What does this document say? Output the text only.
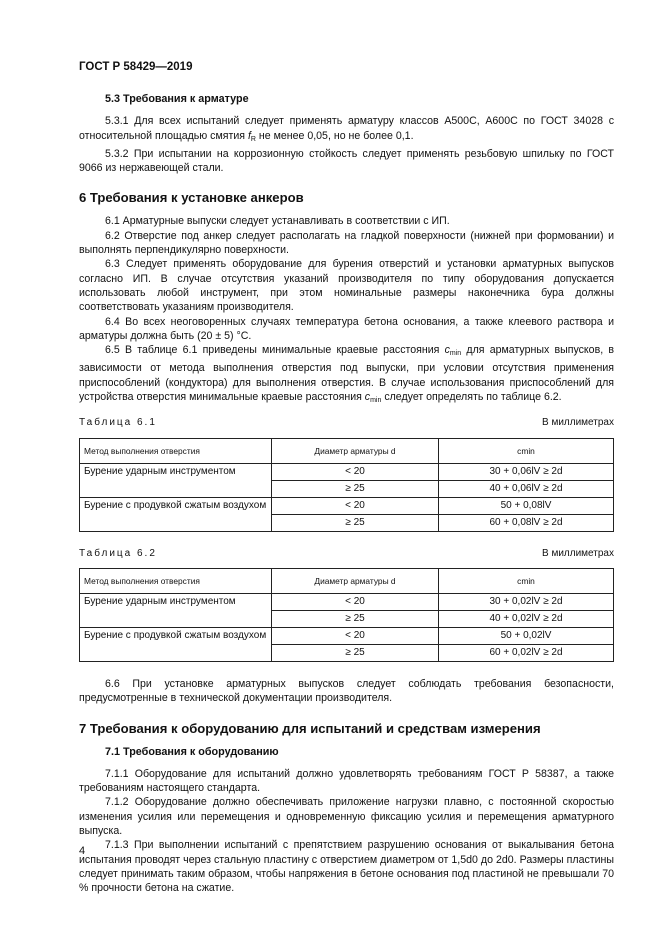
ГОСТ Р 58429—2019

5.3 Требования к арматуре

5.3.1 Для всех испытаний следует применять арматуру классов А500С, А600С по ГОСТ 34028 с относительной площадью смятия $f_R$ не менее 0,05, но не более 0,1.

5.3.2 При испытании на коррозионную стойкость следует применять резьбовую шпильку по ГОСТ 9066 из нержавеющей стали.

6 Требования к установке анкеров

6.1 Арматурные выпуски следует устанавливать в соответствии с ИП.

6.2 Отверстие под анкер следует располагать на гладкой поверхности (нижней при формовании) и выполнять перпендикулярно поверхности.

6.3 Следует применять оборудование для бурения отверстий и установки арматурных выпусков согласно ИП. В случае отсутствия указаний производителя по типу оборудования допускается использовать любой инструмент, при этом номинальные размеры наконечника бура должны соответствовать указаниям производителя.

6.4 Во всех неоговоренных случаях температура бетона основания, а также клеевого раствора и арматуры должна быть (20 ± 5) °С.

6.5 В таблице 6.1 приведены минимальные краевые расстояния $c_{min}$ для арматурных выпусков, в зависимости от метода выполнения отверстия под выпуски, при условии отсутствия применения приспособлений (кондуктора) для выполнения отверстия. В случае использования приспособлений для устройства отверстия минимальные краевые расстояния $c_{min}$ следует определять по таблице 6.2.

Таблица 6.1	В миллиметрах
Метод выполнения отверстия	Диаметр арматуры d	cmin
Бурение ударным инструментом	< 20	30 + 0,06lV ≥ 2d
	≥ 25	40 + 0,06lV ≥ 2d
Бурение с продувкой сжатым воздухом	< 20	50 + 0,08lV
	≥ 25	60 + 0,08lV ≥ 2d
Таблица 6.2	В миллиметрах
Метод выполнения отверстия	Диаметр арматуры d	cmin
Бурение ударным инструментом	< 20	30 + 0,02lV ≥ 2d
	≥ 25	40 + 0,02lV ≥ 2d
Бурение с продувкой сжатым воздухом	< 20	50 + 0,02lV
	≥ 25	60 + 0,02lV ≥ 2d

6.6 При установке арматурных выпусков следует соблюдать требования безопасности, предусмотренные в технической документации производителя.

7 Требования к оборудованию для испытаний и средствам измерения

7.1 Требования к оборудованию

7.1.1 Оборудование для испытаний должно удовлетворять требованиям ГОСТ Р 58387, а также требованиям настоящего стандарта.

7.1.2 Оборудование должно обеспечивать приложение нагрузки плавно, с постоянной скоростью изменения усилия или перемещения и одновременную фиксацию усилия и перемещения арматурного выпуска.

7.1.3 При выполнении испытаний с препятствием разрушению основания от выкалывания бетона испытания проводят через стальную пластину с отверстием диаметром от 1,5d0 до 2d0. Размеры пластины следует принимать таким образом, чтобы напряжения в бетоне основания под пластиной не превышали 70 % прочности бетона на сжатие.

4
